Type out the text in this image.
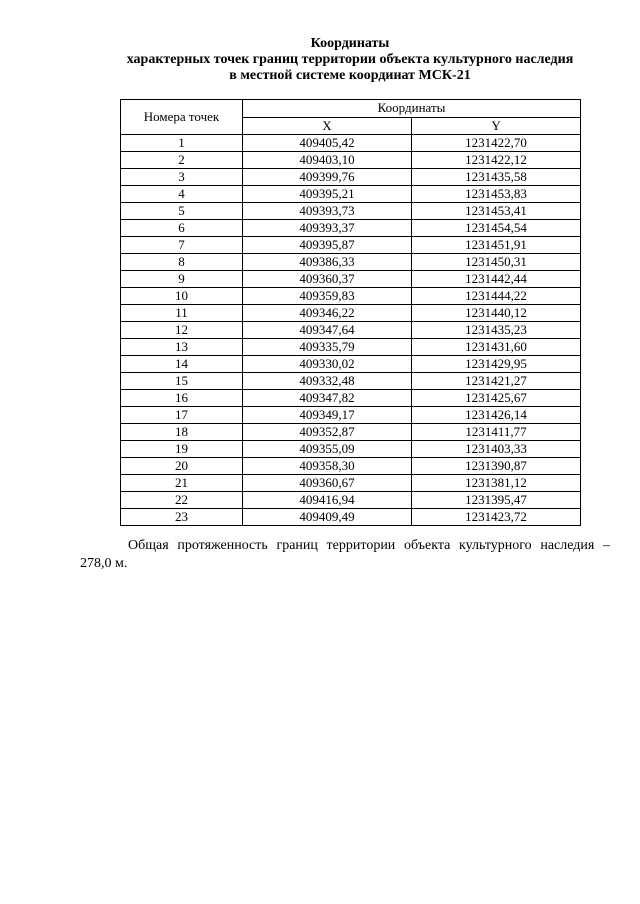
Координаты
характерных точек границ территории объекта культурного наследия
в местной системе координат МСК-21
Номера точек	Координаты	
	X	Y
1	409405,42	1231422,70
2	409403,10	1231422,12
3	409399,76	1231435,58
4	409395,21	1231453,83
5	409393,73	1231453,41
6	409393,37	1231454,54
7	409395,87	1231451,91
8	409386,33	1231450,31
9	409360,37	1231442,44
10	409359,83	1231444,22
11	409346,22	1231440,12
12	409347,64	1231435,23
13	409335,79	1231431,60
14	409330,02	1231429,95
15	409332,48	1231421,27
16	409347,82	1231425,67
17	409349,17	1231426,14
18	409352,87	1231411,77
19	409355,09	1231403,33
20	409358,30	1231390,87
21	409360,67	1231381,12
22	409416,94	1231395,47
23	409409,49	1231423,72
Общая протяженность границ территории объекта культурного наследия –
278,0 м.
